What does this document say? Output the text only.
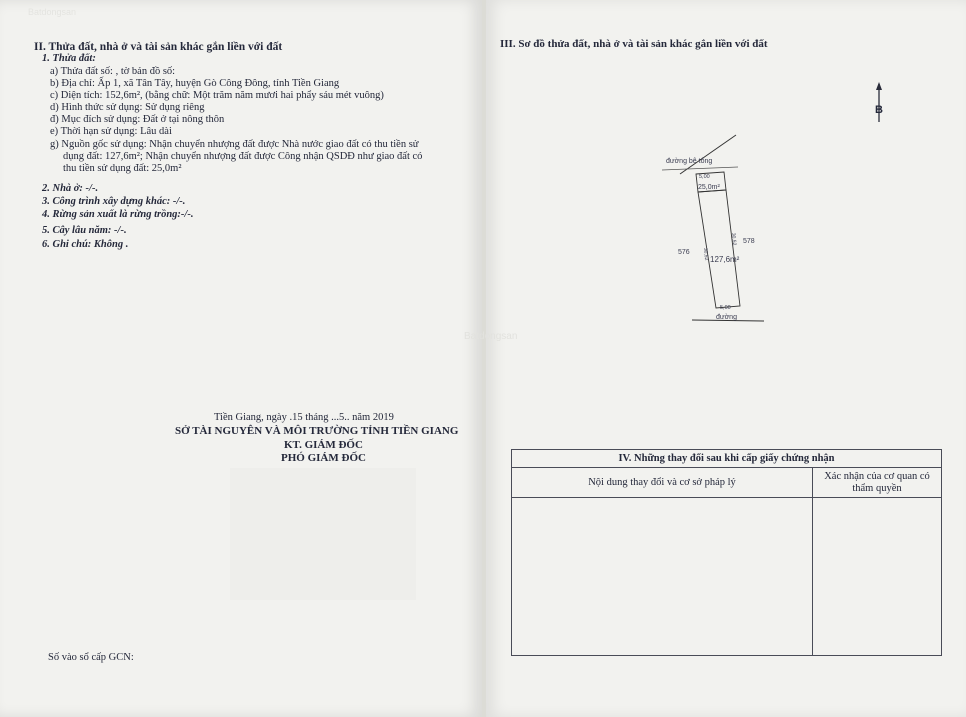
Batdongsan
II. Thửa đất, nhà ở và tài sản khác gắn liền với đất
1. Thửa đất:
a) Thửa đất số: , tờ bản đồ số:
b) Địa chỉ: Ấp 1, xã Tân Tây, huyện Gò Công Đông, tỉnh Tiền Giang
c) Diện tích: 152,6m², (bằng chữ: Một trăm năm mươi hai phẩy sáu mét vuông)
d) Hình thức sử dụng: Sử dụng riêng
đ) Mục đích sử dụng: Đất ở tại nông thôn
e) Thời hạn sử dụng: Lâu dài
g) Nguồn gốc sử dụng: Nhận chuyển nhượng đất được Nhà nước giao đất có thu tiền sử
dụng đất: 127,6m²; Nhận chuyển nhượng đất được Công nhận QSDĐ như giao đất có
thu tiền sử dụng đất: 25,0m²
2. Nhà ở: -/-.
3. Công trình xây dựng khác: -/-.
4. Rừng sản xuất là rừng trồng:-/-.
5. Cây lâu năm: -/-.
6. Ghi chú: Không .
Tiền Giang, ngày .15 tháng ...5.. năm 2019
SỞ TÀI NGUYÊN VÀ MÔI TRƯỜNG TỈNH TIỀN GIANG
KT. GIÁM ĐỐC
PHÓ GIÁM ĐỐC
Số vào sổ cấp GCN:
III. Sơ đồ thửa đất, nhà ở và tài sản khác gắn liền với đất
B
Batdongsan
đường bê tông
5,00
25,0m²
30,52
30,52
127,6m²
576
578
5,00
đường
IV. Những thay đổi sau khi cấp giấy chứng nhận	
Nội dung thay đổi và cơ sở pháp lý	Xác nhận của cơ quan có thẩm quyền
